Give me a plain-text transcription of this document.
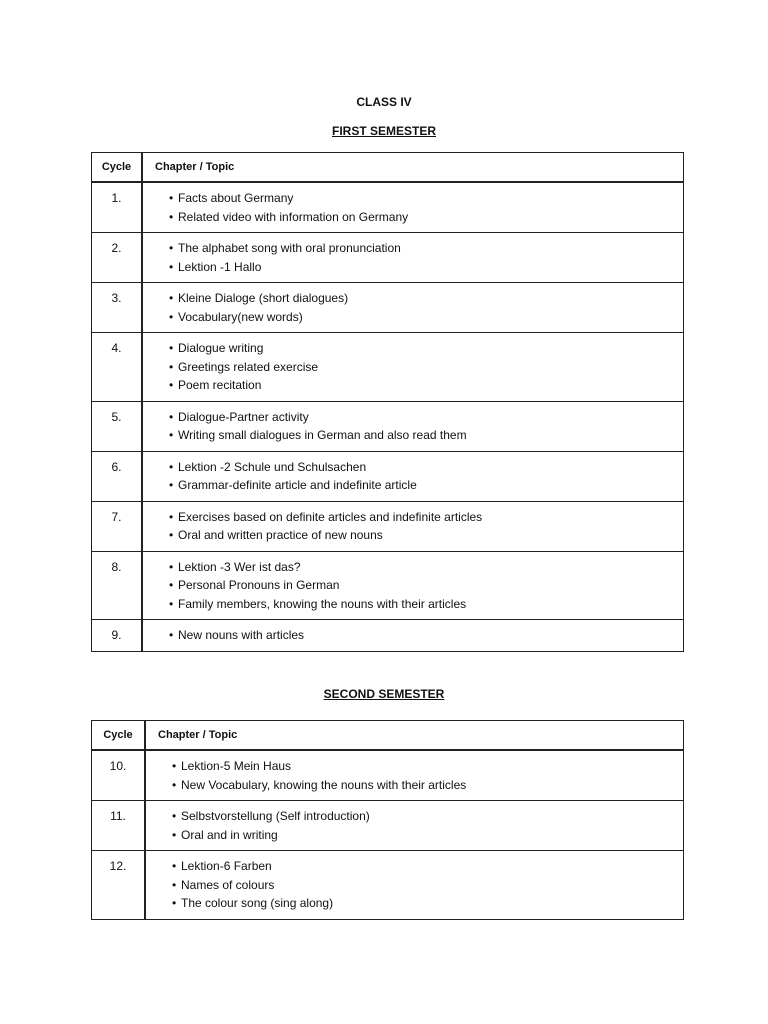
CLASS IV
FIRST SEMESTER
Cycle	Chapter / Topic
1.	• Facts about Germany
• Related video with information on Germany

2.	• The alphabet song with oral pronunciation
• Lektion -1 Hallo

3.	• Kleine Dialoge (short dialogues)
• Vocabulary(new words)

4.	• Dialogue writing
• Greetings related exercise
• Poem recitation

5.	• Dialogue-Partner activity
• Writing small dialogues in German and also read them

6.	• Lektion -2 Schule und Schulsachen
• Grammar-definite article and indefinite article

7.	• Exercises based on definite articles and indefinite articles
• Oral and written practice of new nouns

8.	• Lektion -3 Wer ist das?
• Personal Pronouns in German
• Family members, knowing the nouns with their articles

9.	• New nouns with articles
SECOND SEMESTER
Cycle	Chapter / Topic
10.	• Lektion-5 Mein Haus
• New Vocabulary, knowing the nouns with their articles

11.	• Selbstvorstellung (Self introduction)
• Oral and in writing

12.	• Lektion-6 Farben
• Names of colours
• The colour song (sing along)
